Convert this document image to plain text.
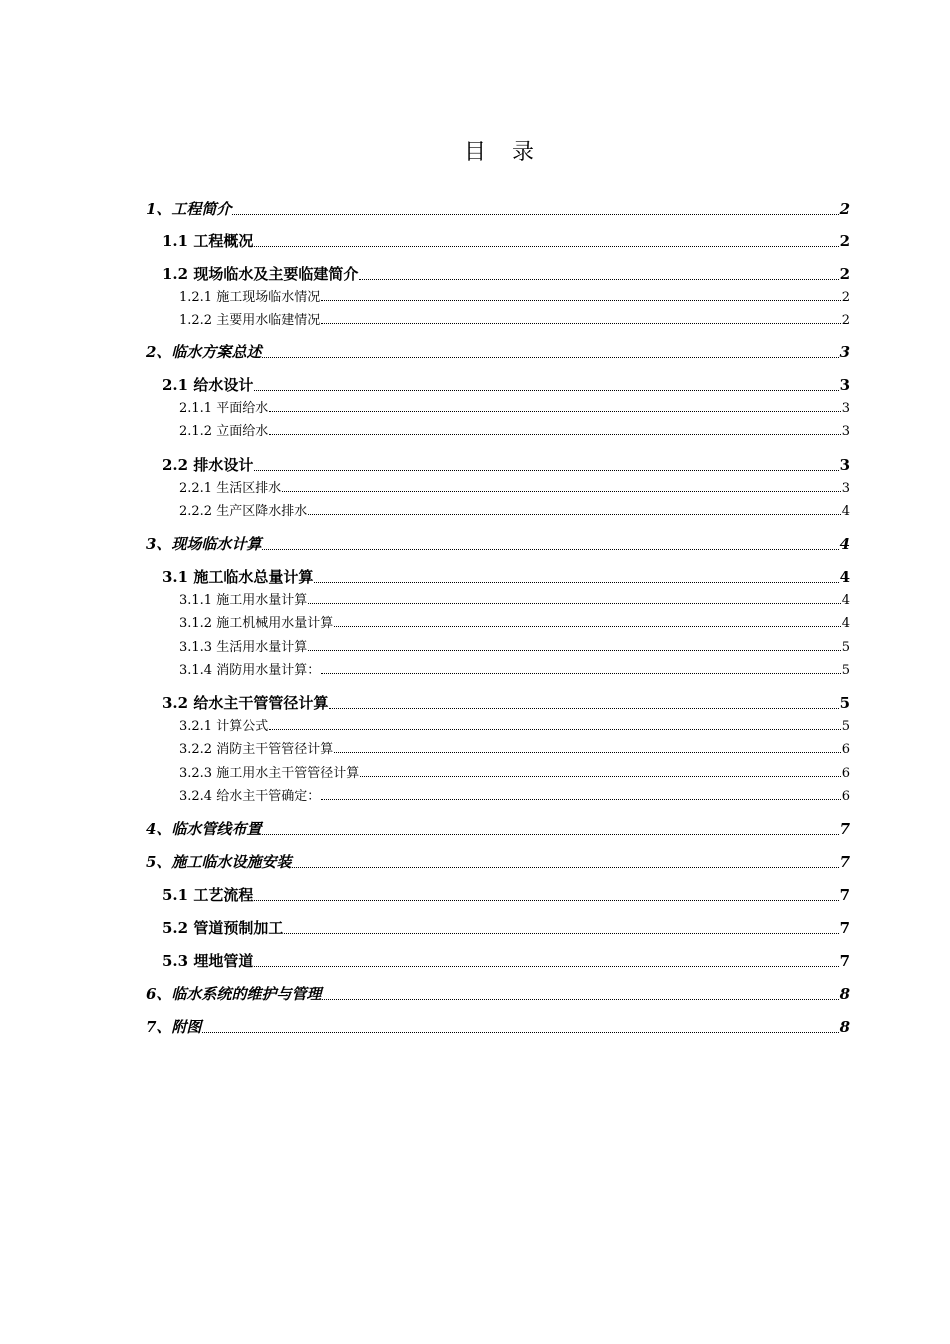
目　录
1、工程简介	2
1.1 工程概况	2
1.2 现场临水及主要临建简介	2
1.2.1 施工现场临水情况	2
1.2.2 主要用水临建情况	2
2、临水方案总述	3
2.1 给水设计	3
2.1.1 平面给水	3
2.1.2 立面给水	3
2.2 排水设计	3
2.2.1 生活区排水	3
2.2.2 生产区降水排水	4
3、现场临水计算	4
3.1 施工临水总量计算	4
3.1.1 施工用水量计算	4
3.1.2 施工机械用水量计算	4
3.1.3 生活用水量计算	5
3.1.4 消防用水量计算：	5
3.2 给水主干管管径计算	5
3.2.1 计算公式	5
3.2.2 消防主干管管径计算	6
3.2.3 施工用水主干管管径计算	6
3.2.4 给水主干管确定：	6
4、临水管线布置	7
5、施工临水设施安装	7
5.1 工艺流程	7
5.2 管道预制加工	7
5.3 埋地管道	7
6、临水系统的维护与管理	8
7、附图	8
